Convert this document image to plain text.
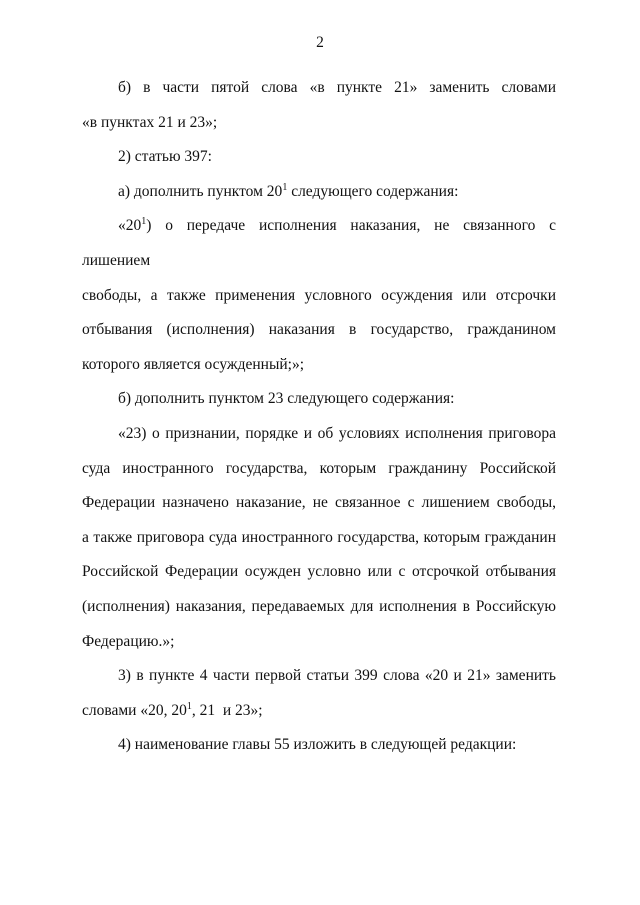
2

б) в части пятой слова «в пункте 21» заменить словами

«в пунктах 21 и 23»;

2) статью 397:

а) дополнить пунктом $20^1$ следующего содержания:

«$20^1$) о передаче исполнения наказания, не связанного с лишением

свободы, а также применения условного осуждения или отсрочки

отбывания (исполнения) наказания в государство, гражданином

которого является осужденный;»;

б) дополнить пунктом 23 следующего содержания:

«23) о признании, порядке и об условиях исполнения приговора

суда иностранного государства, которым гражданину Российской

Федерации назначено наказание, не связанное с лишением свободы,

а также приговора суда иностранного государства, которым гражданин

Российской Федерации осужден условно или с отсрочкой отбывания

(исполнения) наказания, передаваемых для исполнения в Российскую

Федерацию.»;

3) в пункте 4 части первой статьи 399 слова «20 и 21» заменить

словами «20, $20^1$, 21  и 23»;

4) наименование главы 55 изложить в следующей редакции:
